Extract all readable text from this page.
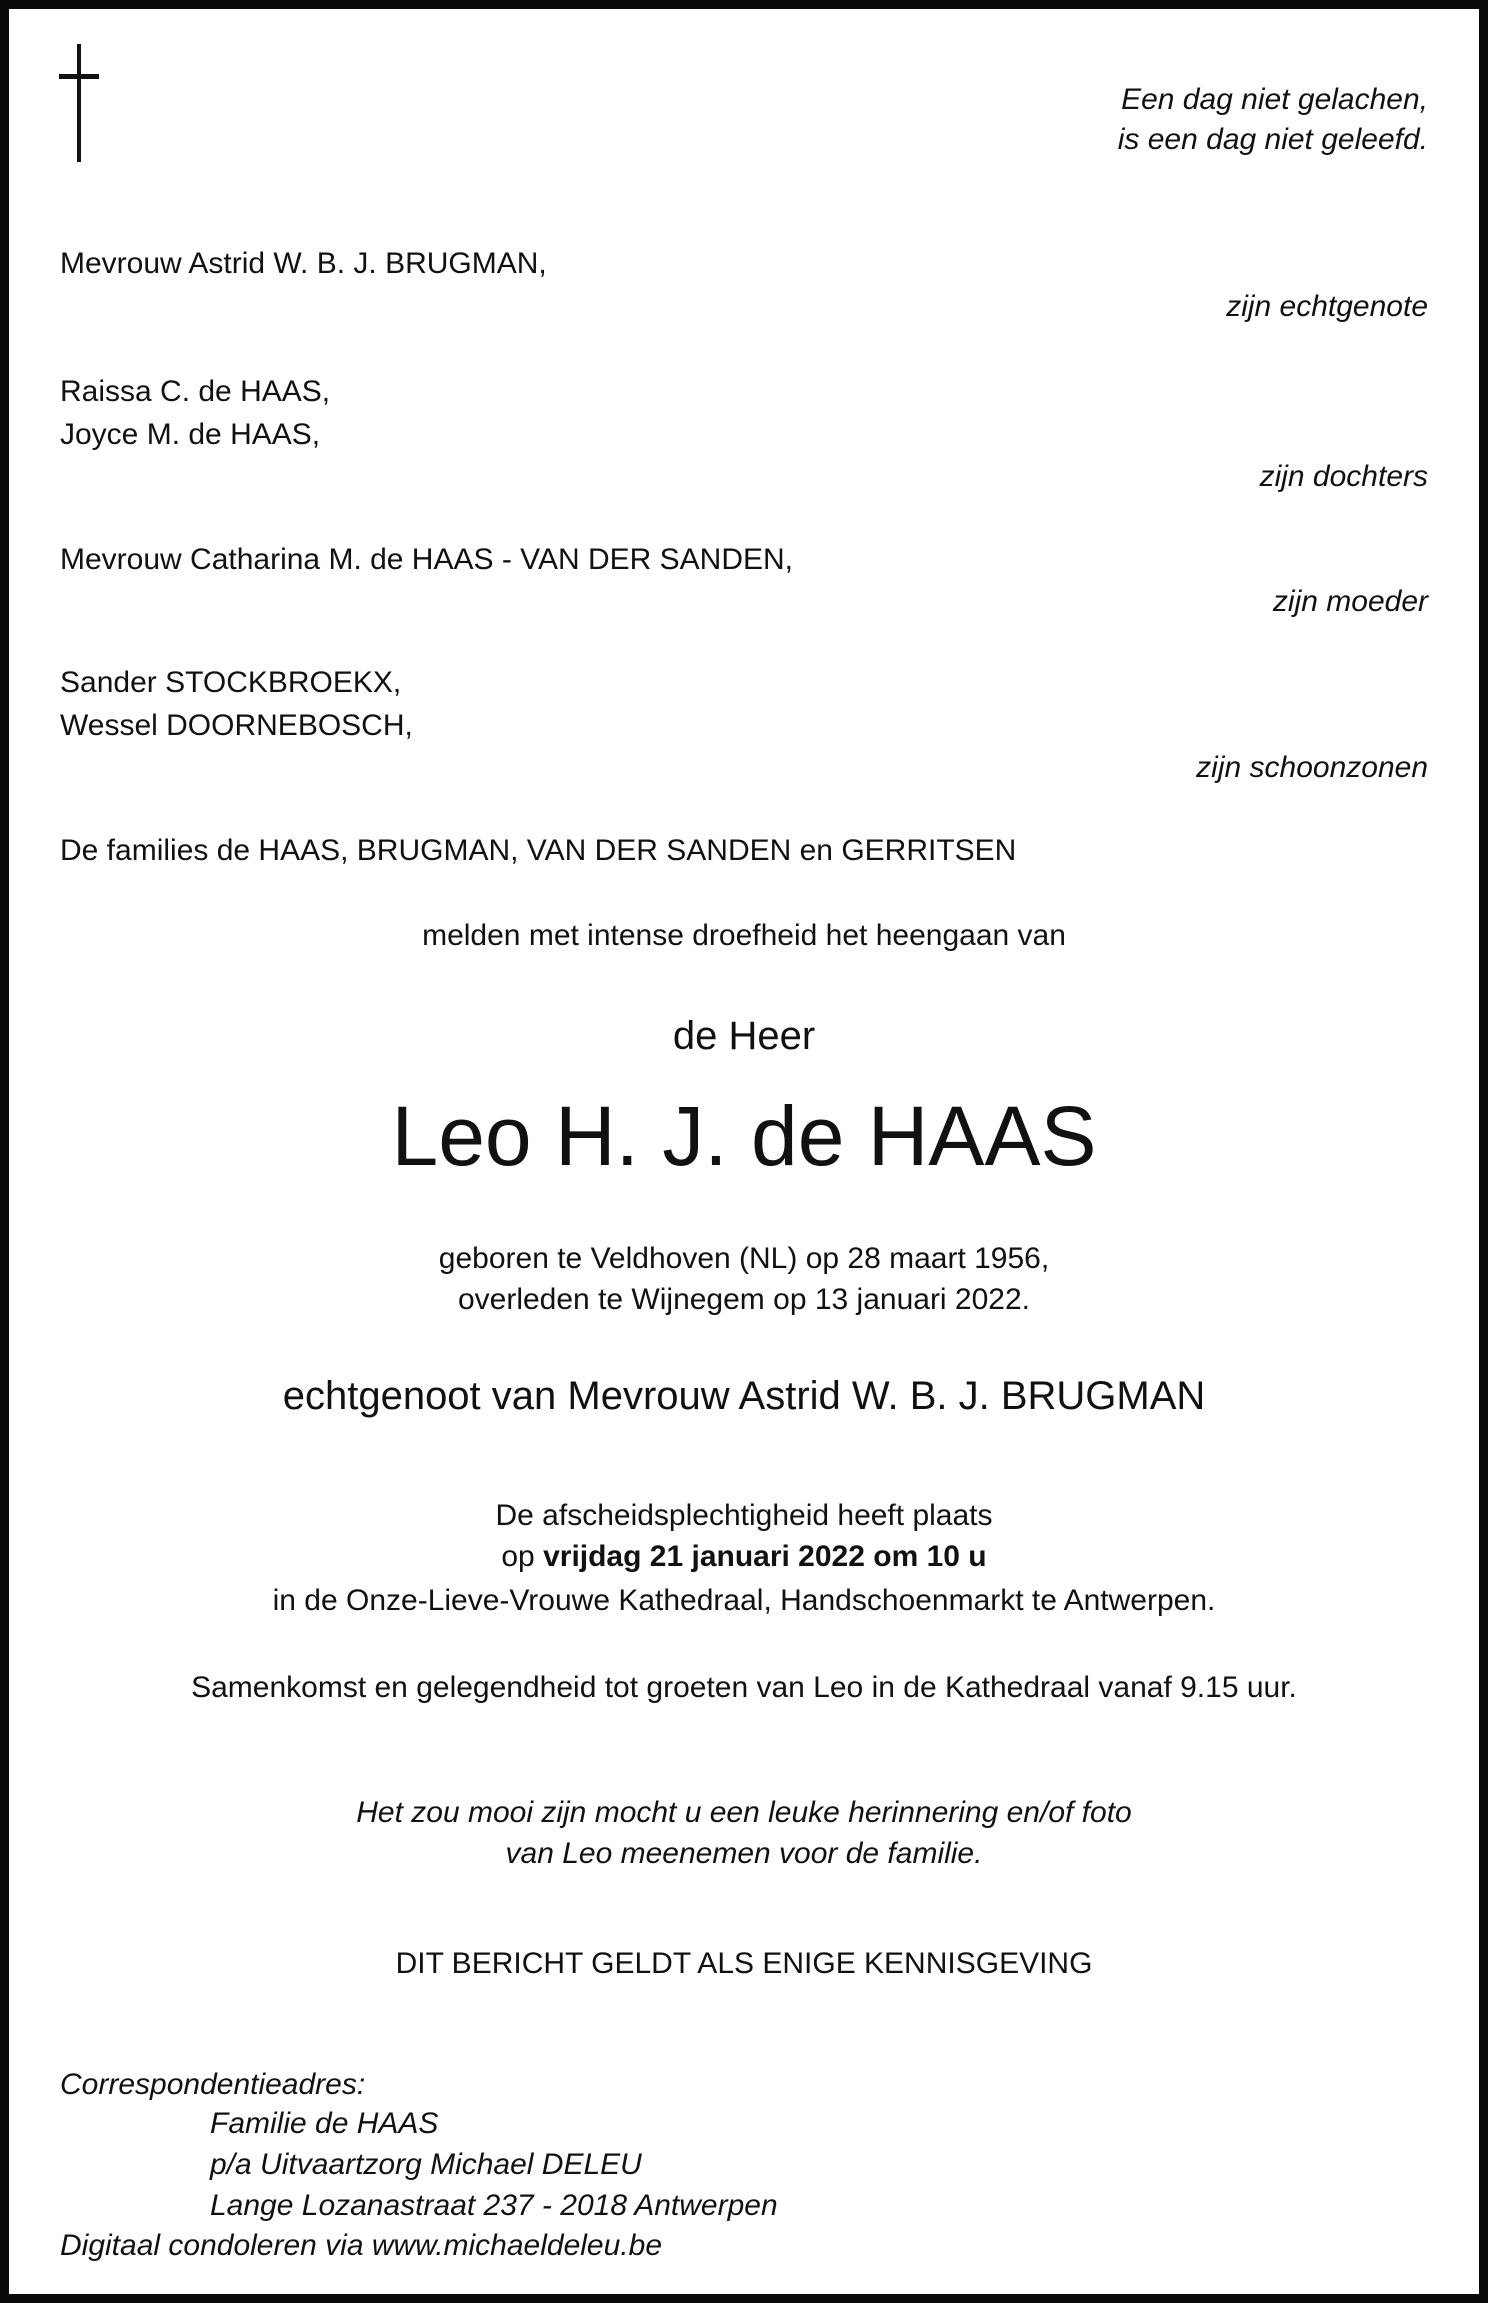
Een dag niet gelachen,
is een dag niet geleefd.
Mevrouw Astrid W. B. J. BRUGMAN,
zijn echtgenote
Raissa C. de HAAS,
Joyce M. de HAAS,
zijn dochters
Mevrouw Catharina M. de HAAS - VAN DER SANDEN,
zijn moeder
Sander STOCKBROEKX,
Wessel DOORNEBOSCH,
zijn schoonzonen
De families de HAAS, BRUGMAN, VAN DER SANDEN en GERRITSEN
melden met intense droefheid het heengaan van
de Heer
Leo H. J. de HAAS
geboren te Veldhoven (NL) op 28 maart 1956,
overleden te Wijnegem op 13 januari 2022.
echtgenoot van Mevrouw Astrid W. B. J. BRUGMAN
De afscheidsplechtigheid heeft plaats
op vrijdag 21 januari 2022 om 10 u
in de Onze-Lieve-Vrouwe Kathedraal, Handschoenmarkt te Antwerpen.
Samenkomst en gelegendheid tot groeten van Leo in de Kathedraal vanaf 9.15 uur.
Het zou mooi zijn mocht u een leuke herinnering en/of foto
van Leo meenemen voor de familie.
DIT BERICHT GELDT ALS ENIGE KENNISGEVING
Correspondentieadres:
Familie de HAAS
p/a Uitvaartzorg Michael DELEU
Lange Lozanastraat 237 - 2018 Antwerpen
Digitaal condoleren via www.michaeldeleu.be
